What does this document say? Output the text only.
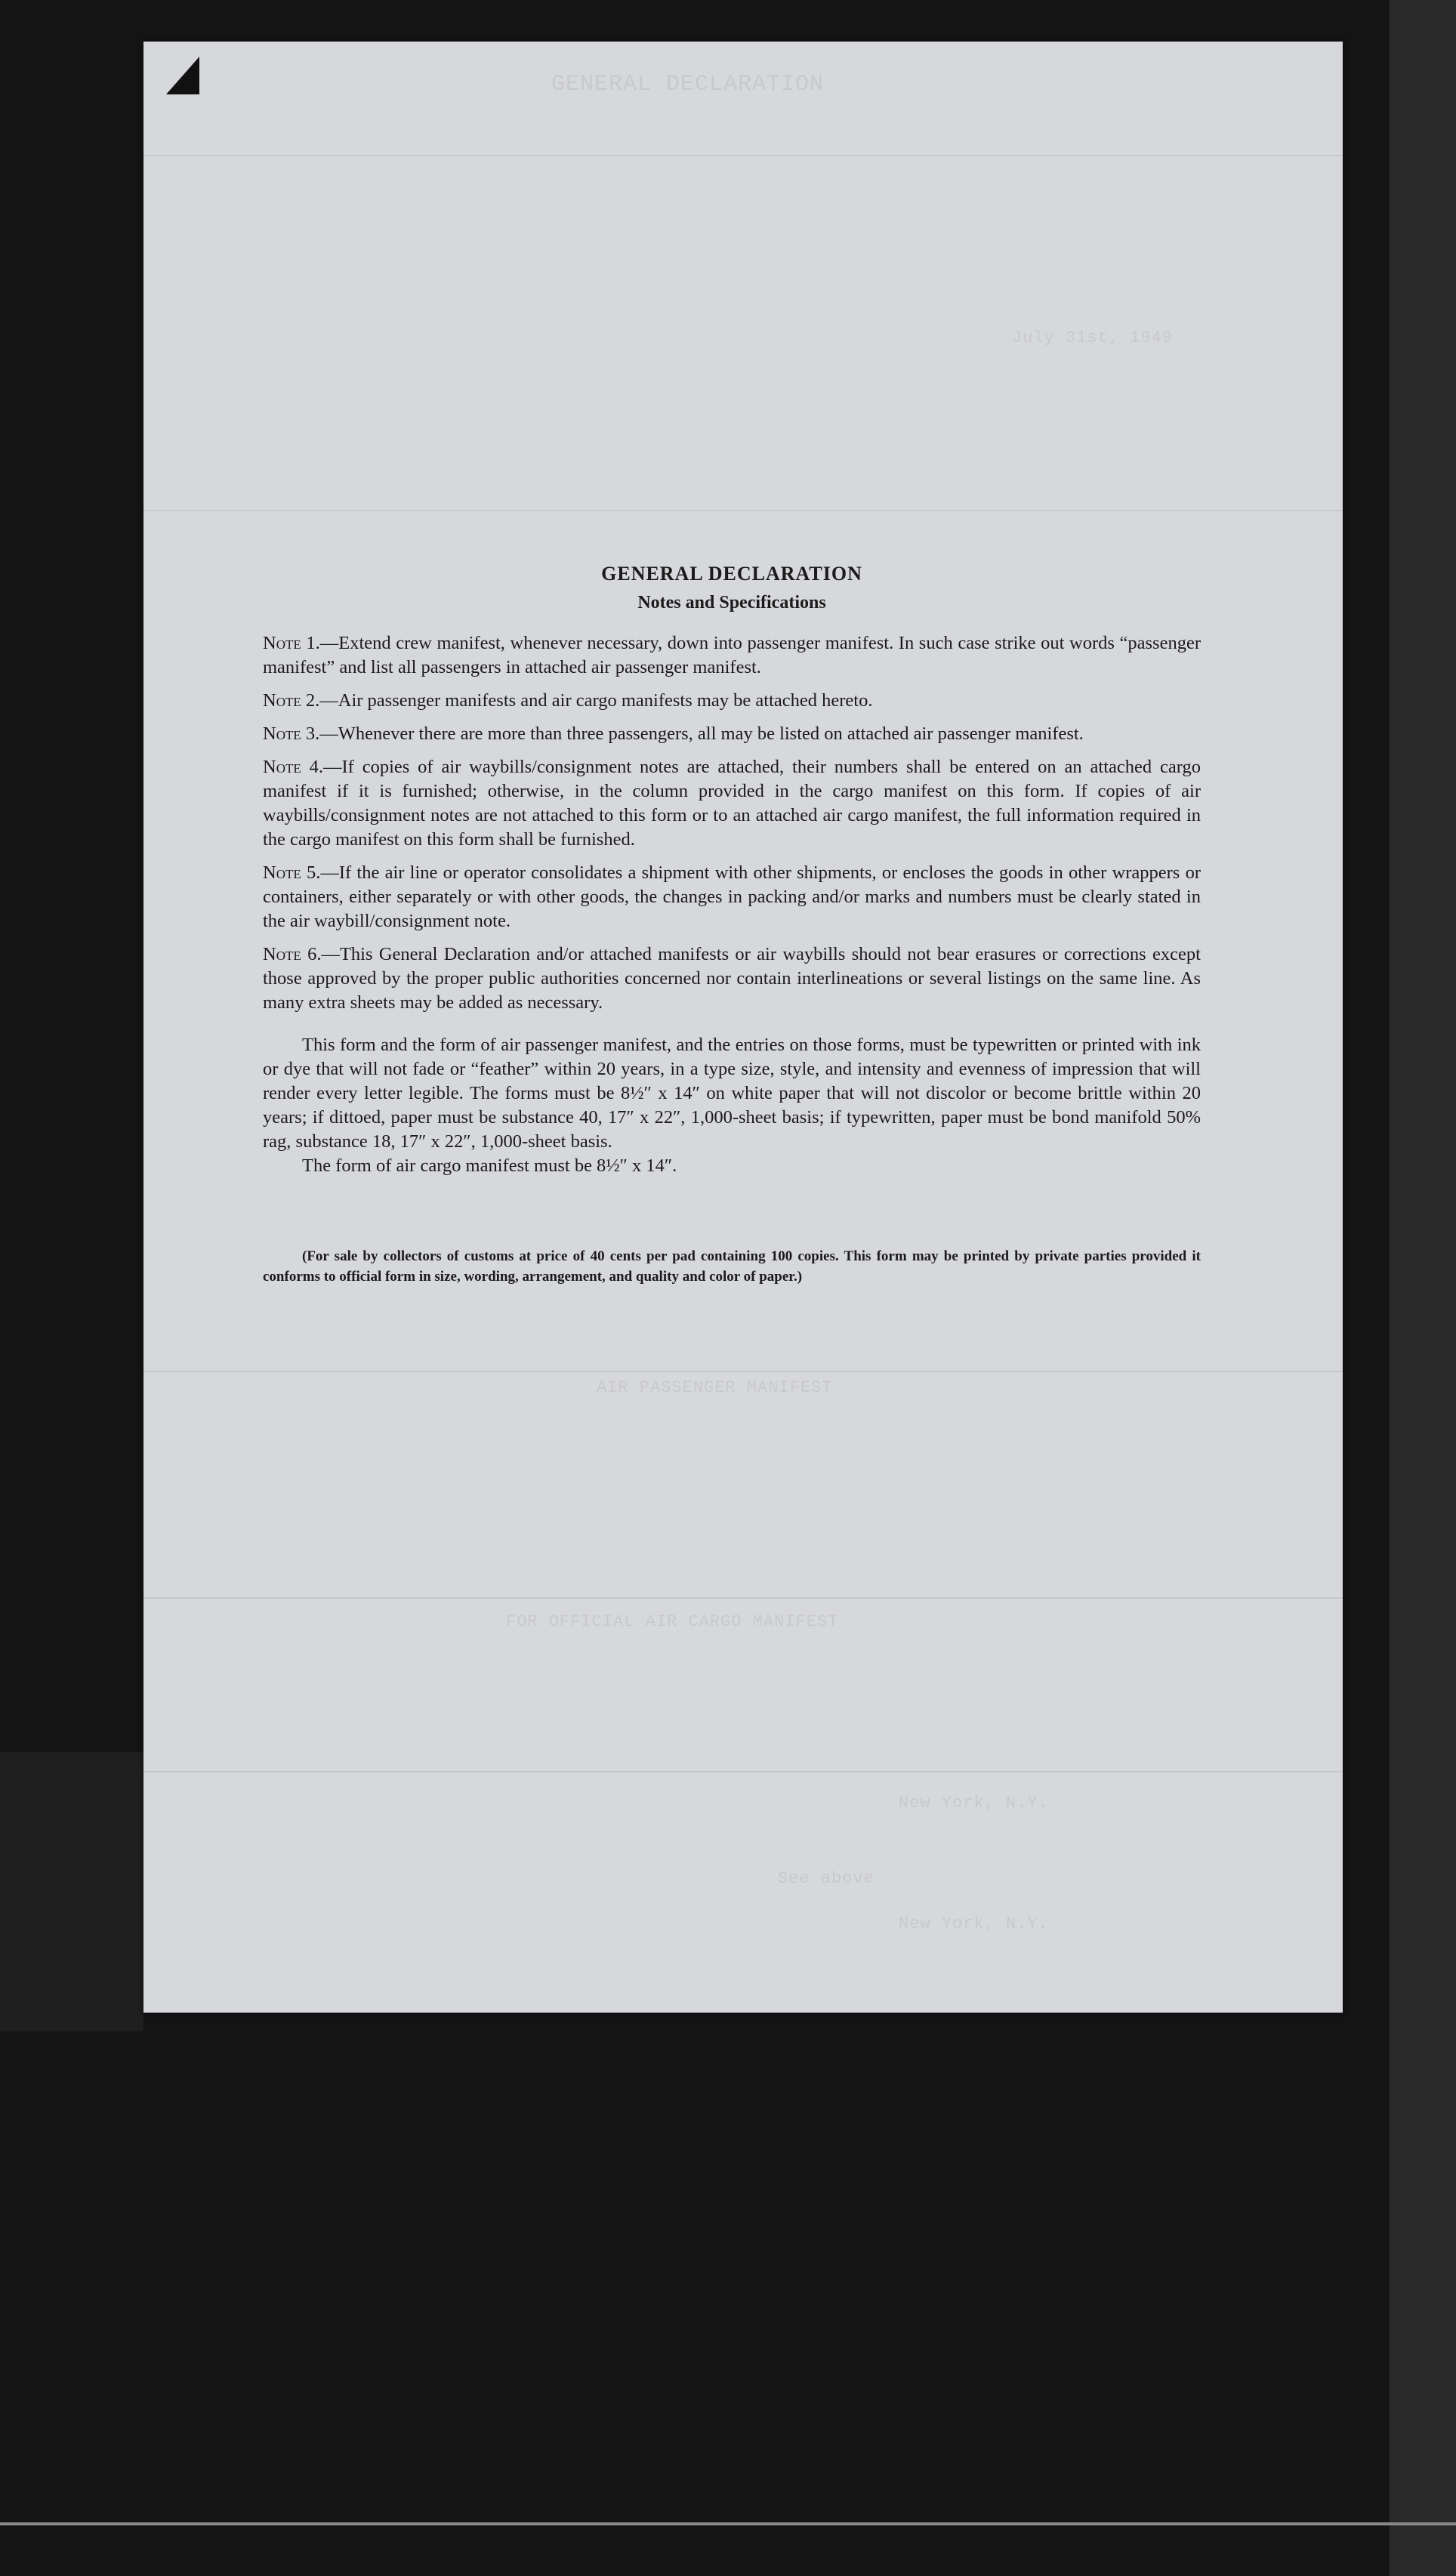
GENERAL DECLARATION
July 31st, 1949
New York, N.Y.
AIR PASSENGER MANIFEST
FOR OFFICIAL AIR CARGO MANIFEST
See above
New York, N.Y.
GENERAL DECLARATION
Notes and Specifications
Note 1.—Extend crew manifest, whenever necessary, down into passenger manifest. In such case strike out words “passenger manifest” and list all passengers in attached air passenger manifest.
Note 2.—Air passenger manifests and air cargo manifests may be attached hereto.
Note 3.—Whenever there are more than three passengers, all may be listed on attached air passenger manifest.
Note 4.—If copies of air waybills/consignment notes are attached, their numbers shall be entered on an attached cargo manifest if it is furnished; otherwise, in the column provided in the cargo manifest on this form. If copies of air waybills/consignment notes are not attached to this form or to an attached air cargo manifest, the full information required in the cargo manifest on this form shall be furnished.
Note 5.—If the air line or operator consolidates a shipment with other shipments, or encloses the goods in other wrappers or containers, either separately or with other goods, the changes in packing and/or marks and numbers must be clearly stated in the air waybill/consignment note.
Note 6.—This General Declaration and/or attached manifests or air waybills should not bear erasures or corrections except those approved by the proper public authorities concerned nor contain interlineations or several listings on the same line. As many extra sheets may be added as necessary.

This form and the form of air passenger manifest, and the entries on those forms, must be typewritten or printed with ink or dye that will not fade or “feather” within 20 years, in a type size, style, and intensity and evenness of impression that will render every letter legible. The forms must be 8½″ x 14″ on white paper that will not discolor or become brittle within 20 years; if dittoed, paper must be substance 40, 17″ x 22″, 1,000-sheet basis; if typewritten, paper must be bond manifold 50% rag, substance 18, 17″ x 22″, 1,000-sheet basis.

The form of air cargo manifest must be 8½″ x 14″.

(For sale by collectors of customs at price of 40 cents per pad containing 100 copies. This form may be printed by private parties provided it conforms to official form in size, wording, arrangement, and quality and color of paper.)
